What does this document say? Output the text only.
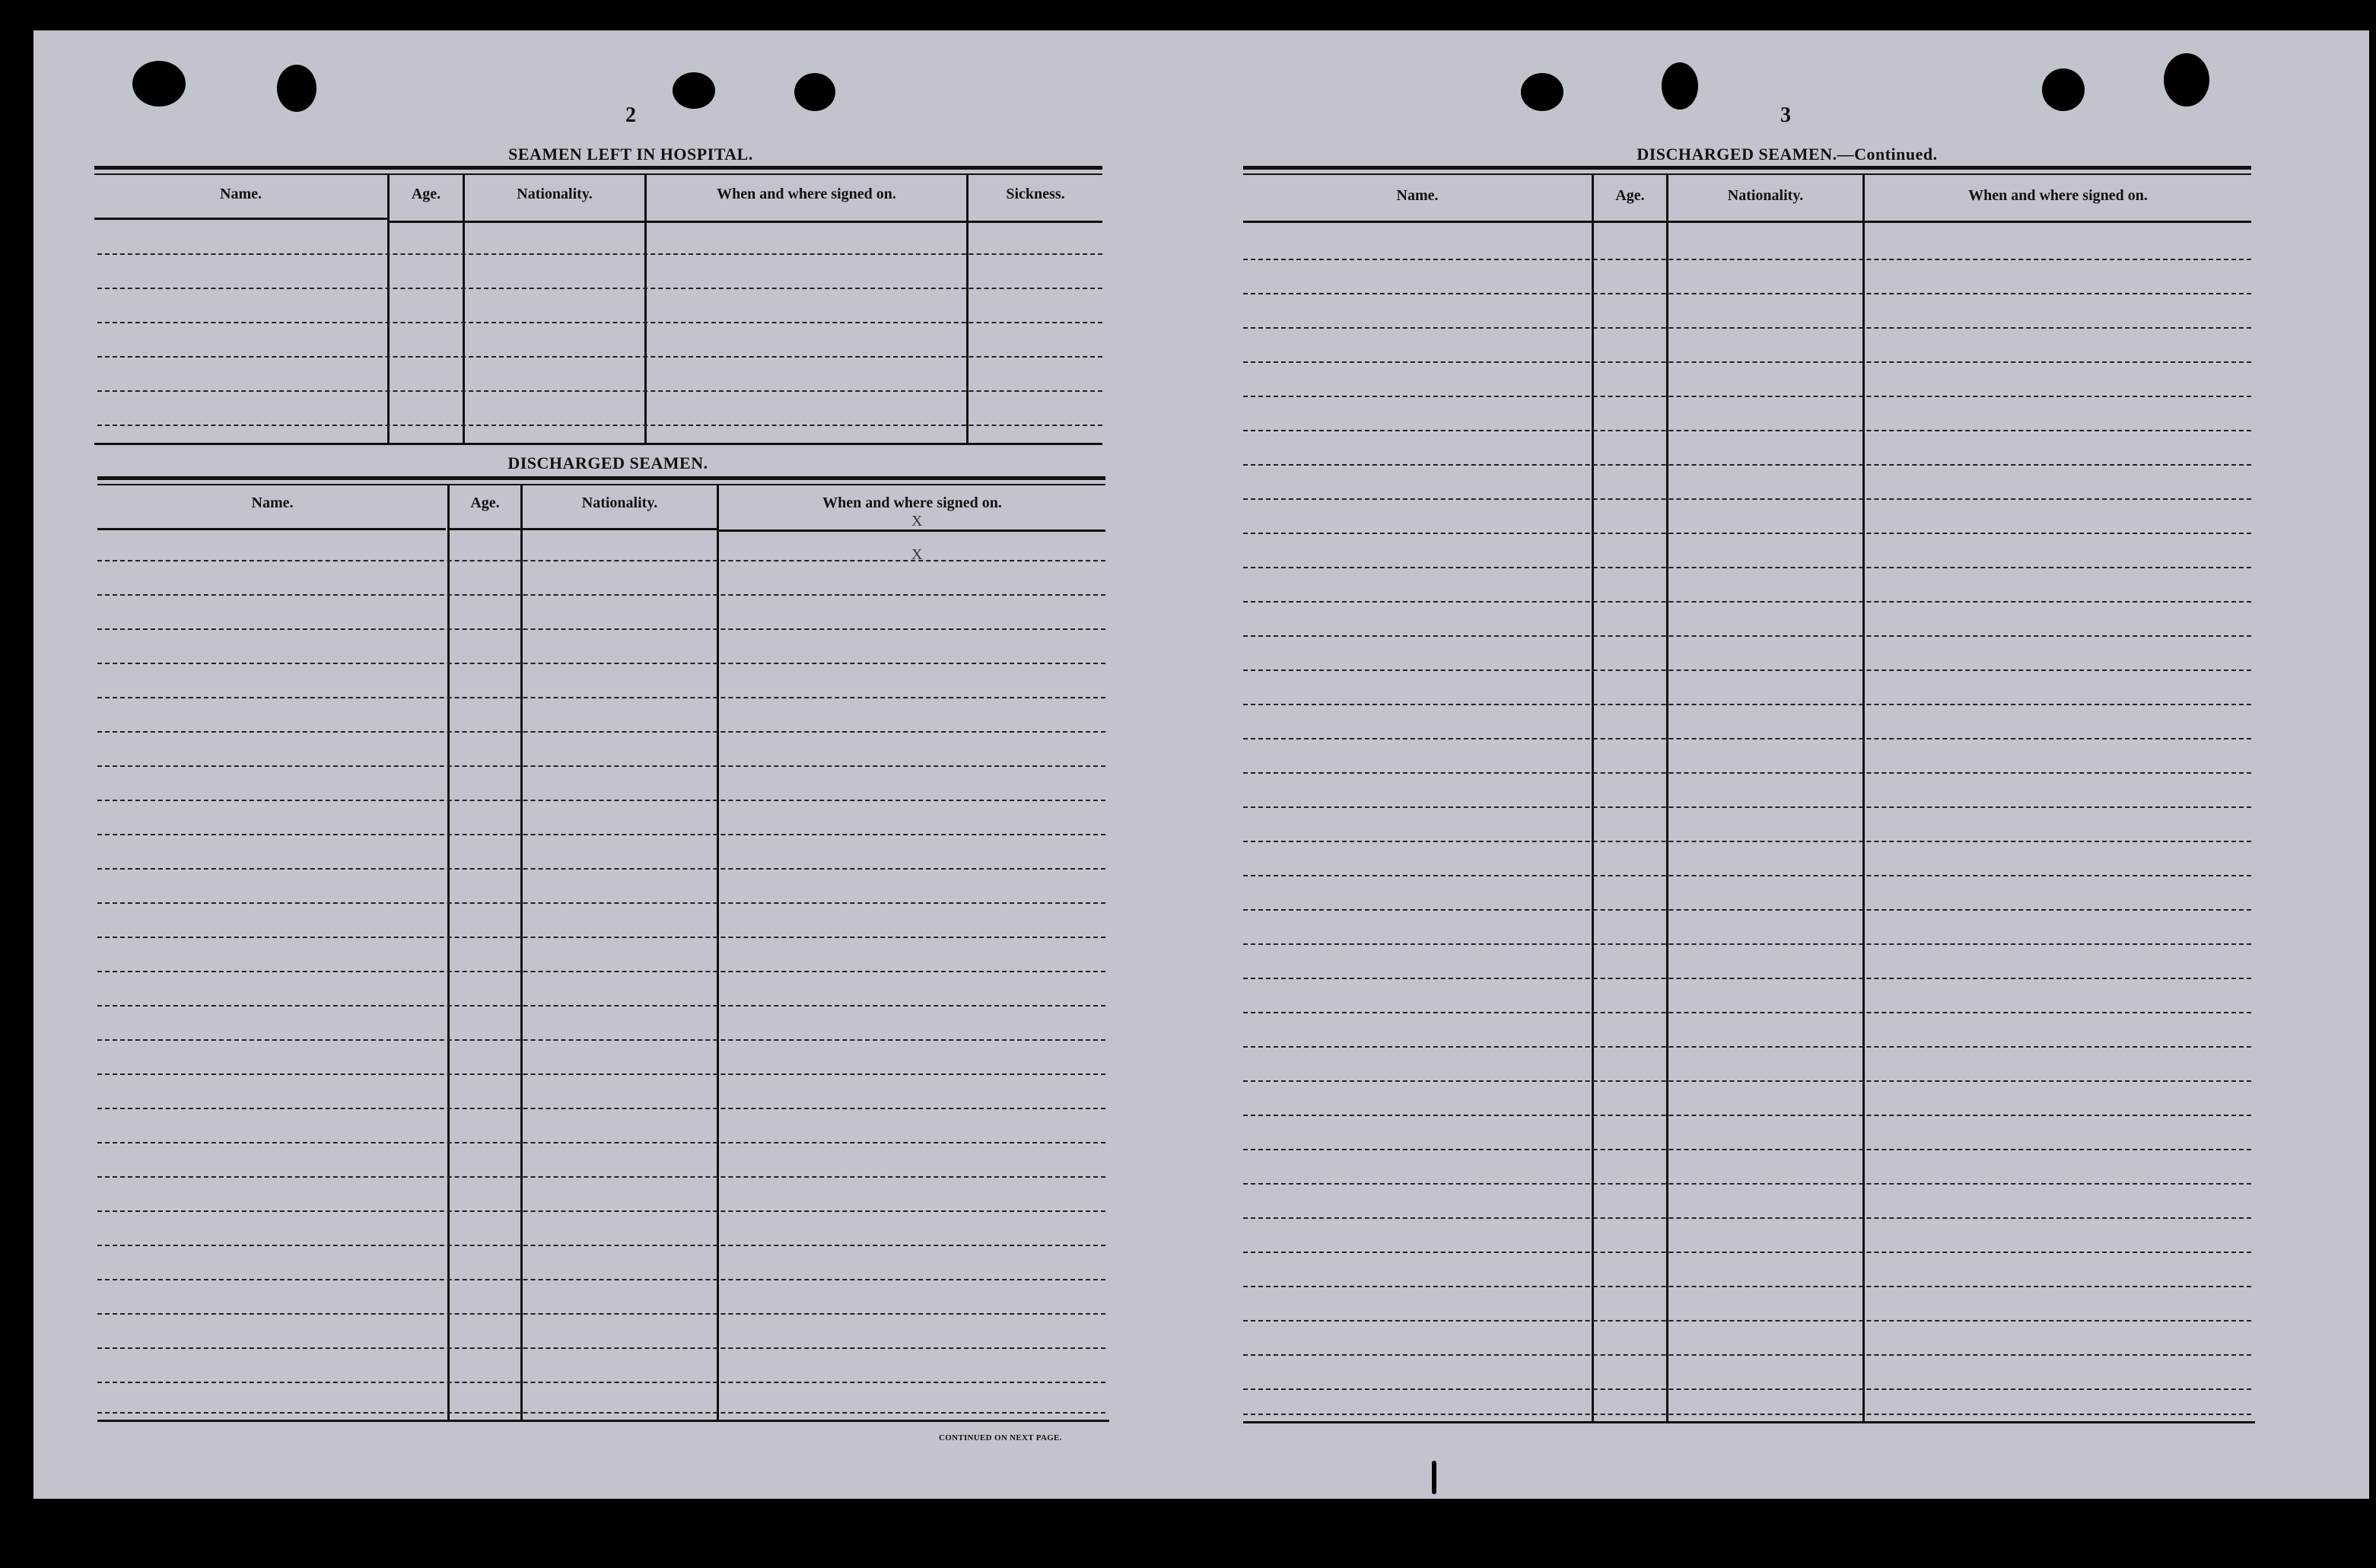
2
SEAMEN LEFT IN HOSPITAL.
Name.	Age.	Nationality.	When and where signed on.	Sickness.
DISCHARGED SEAMEN.
Name.	Age.	Nationality.	When and where signed on.
X
X
CONTINUED ON NEXT PAGE.
3
DISCHARGED SEAMEN.—Continued.
Name.	Age.	Nationality.	When and where signed on.
